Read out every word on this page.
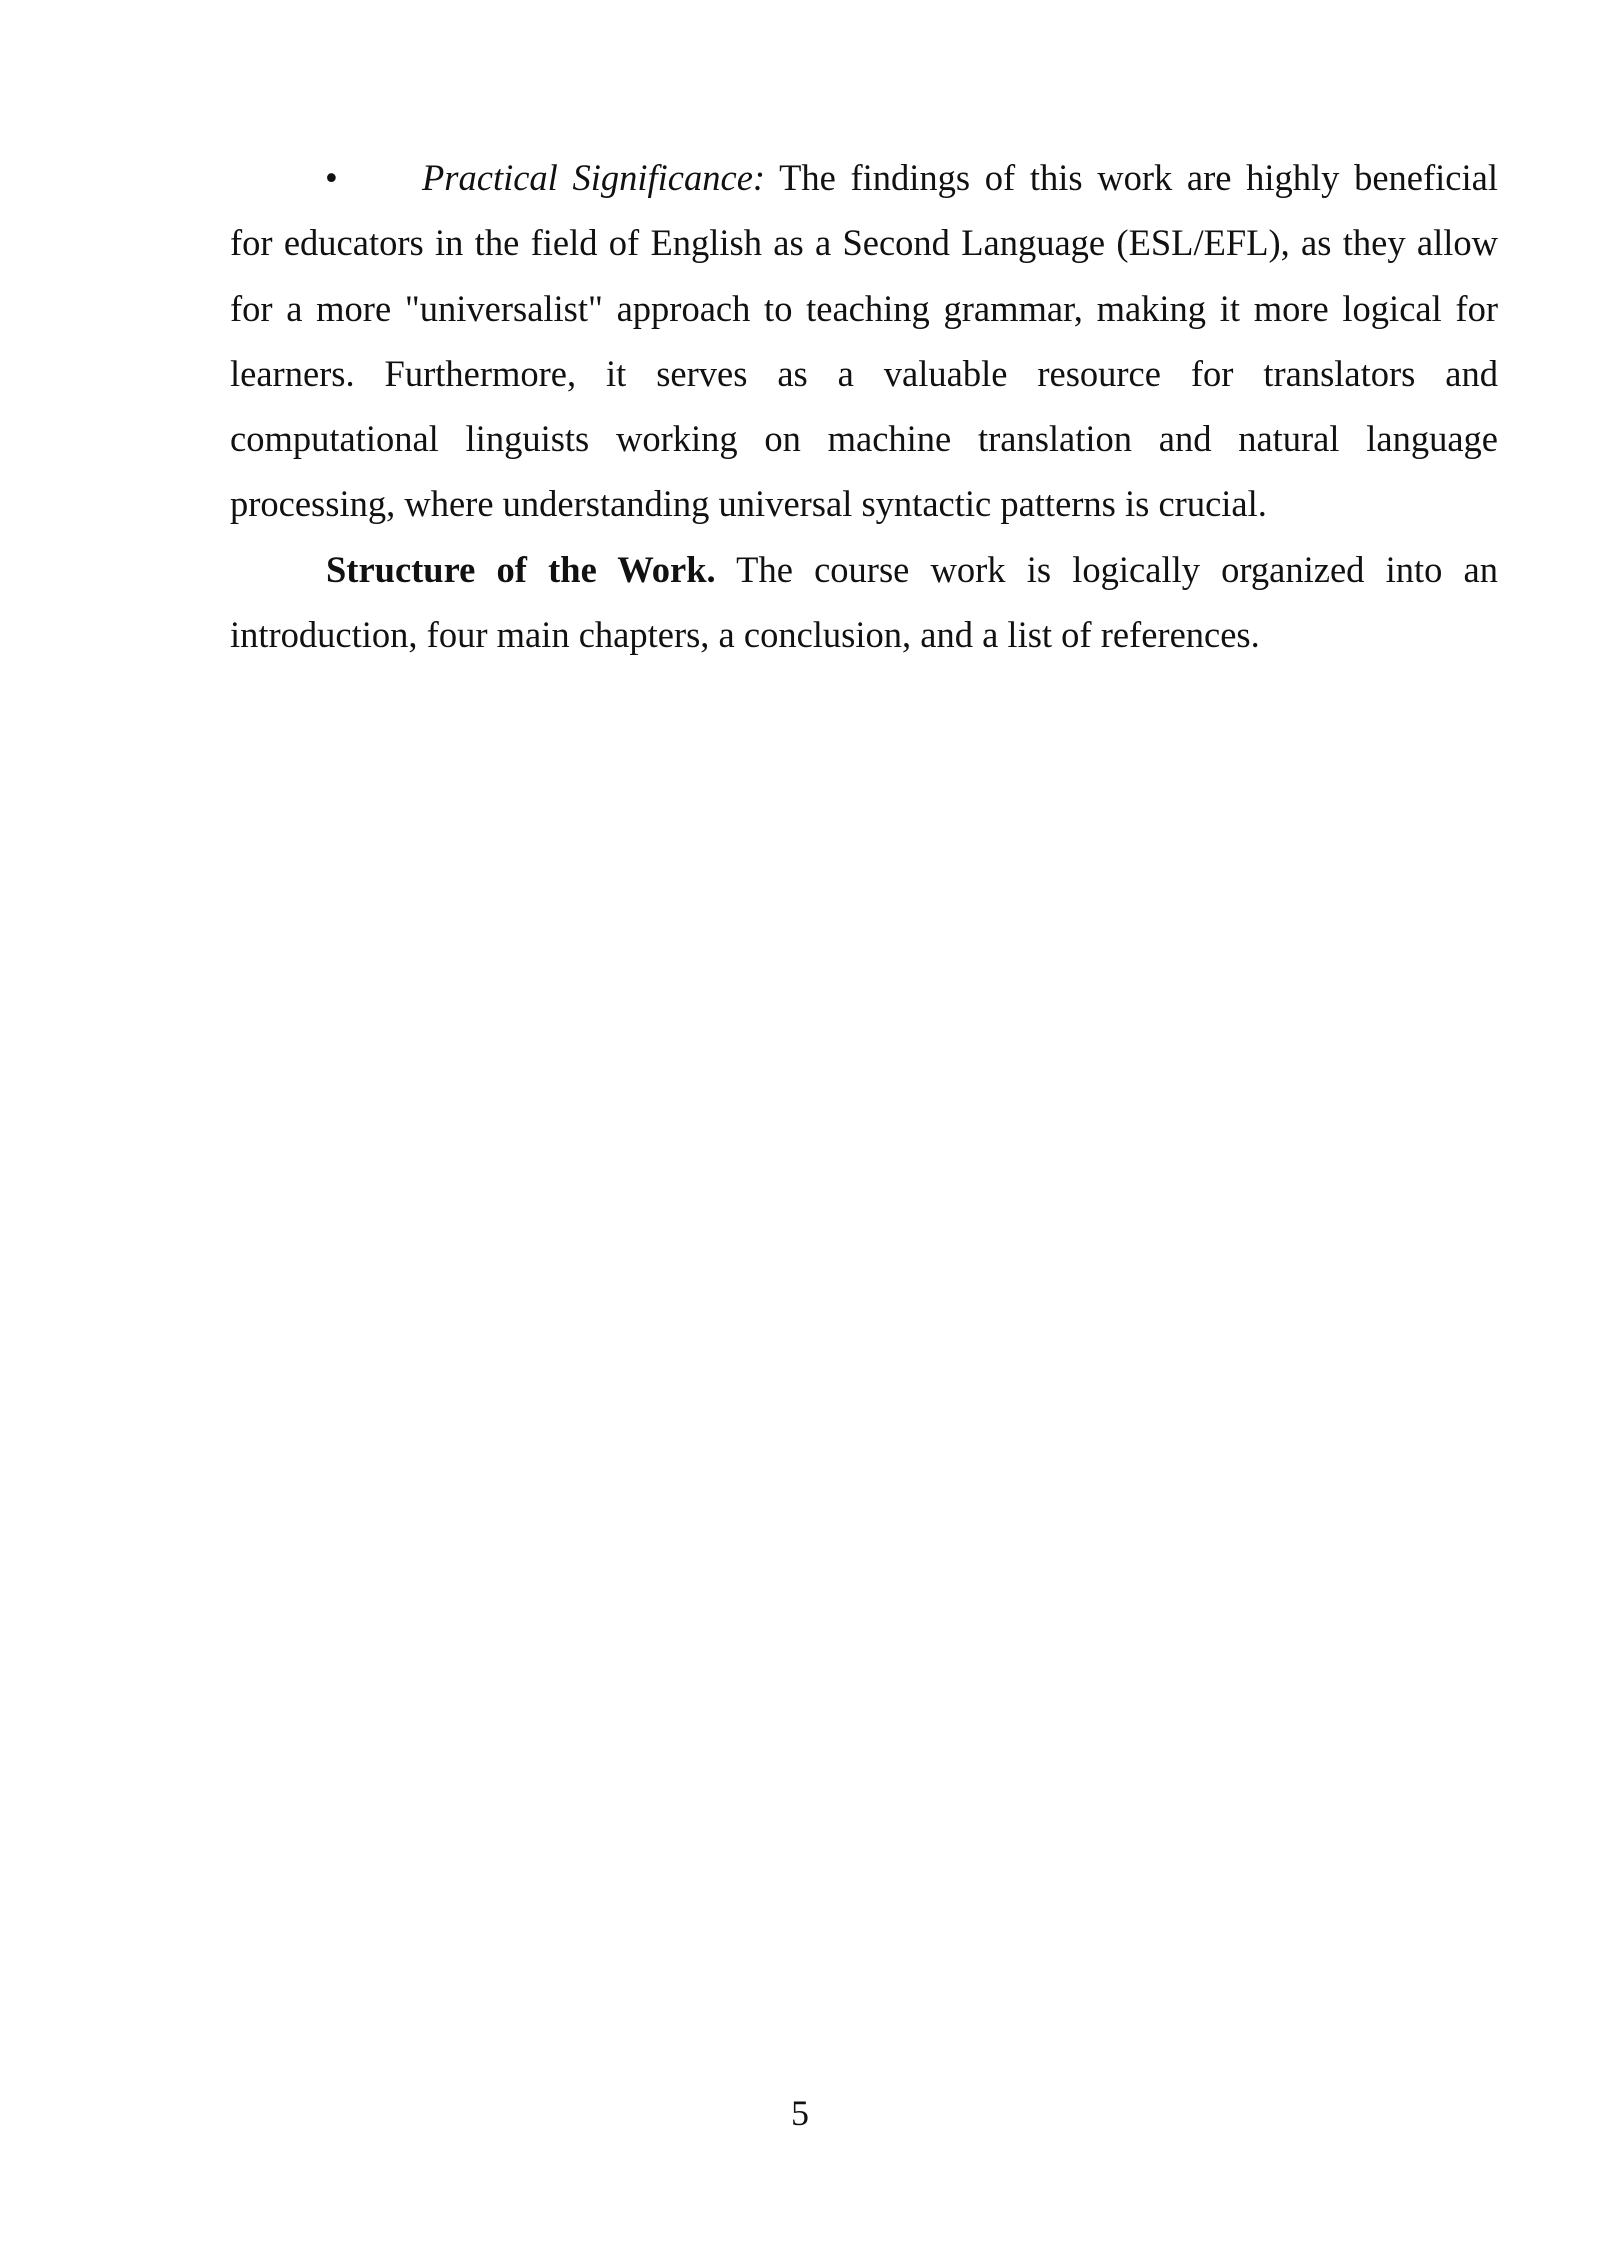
• Practical Significance: The findings of this work are highly beneficial for educators in the field of English as a Second Language (ESL/EFL), as they allow for a more "universalist" approach to teaching grammar, making it more logical for learners. Furthermore, it serves as a valuable resource for translators and computational linguists working on machine translation and natural language processing, where understanding universal syntactic patterns is crucial.

Structure of the Work. The course work is logically organized into an introduction, four main chapters, a conclusion, and a list of references.

5
